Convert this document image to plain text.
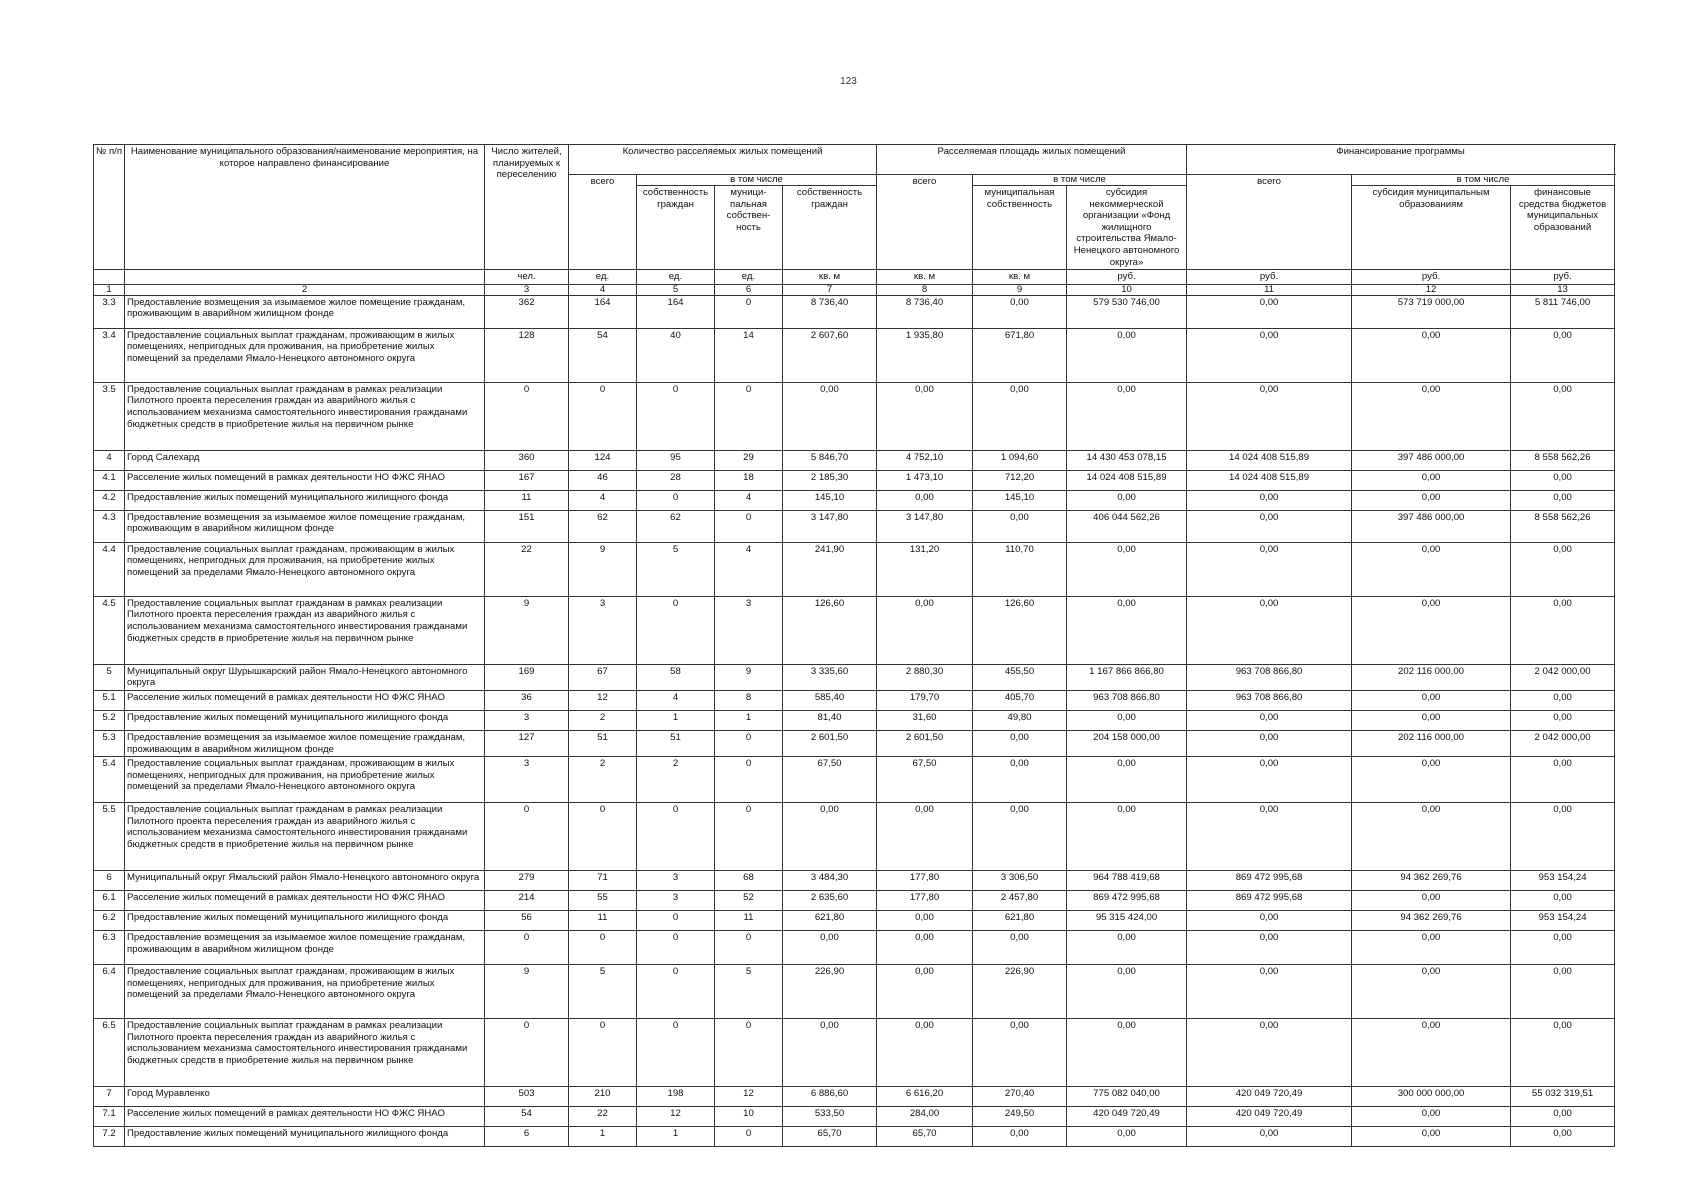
123
№ п/п	Наименование муниципального образования/наименование мероприятия, на которое направлено финансирование	Число жителей, планируемых к переселению	Количество расселяемых жилых помещений				Расселяемая площадь жилых помещений			Финансирование программы		
			всего	в том числе			всего	в том числе		всего	в том числе	
				собственность граждан	муници-пальная собствен-ность	собственность граждан		муниципальная собственность	субсидия некоммерческой организации «Фонд жилищного строительства Ямало-Ненецкого автономного округа»		субсидия муниципальным образованиям	финансовые средства бюджетов муниципальных образований
		чел.	ед.	ед.	ед.	кв. м	кв. м	кв. м	руб.	руб.	руб.	руб.
1	2	3	4	5	6	7	8	9	10	11	12	13
3.3	Предоставление возмещения за изымаемое жилое помещение гражданам, проживающим в аварийном жилищном фонде	362	164	164	0	8 736,40	8 736,40	0,00	579 530 746,00	0,00	573 719 000,00	5 811 746,00
3.4	Предоставление социальных выплат гражданам, проживающим в жилых помещениях, непригодных для проживания, на приобретение жилых помещений за пределами Ямало-Ненецкого автономного округа	128	54	40	14	2 607,60	1 935,80	671,80	0,00	0,00	0,00	0,00
3.5	Предоставление социальных выплат гражданам в рамках реализации Пилотного проекта переселения граждан из аварийного жилья с использованием механизма самостоятельного инвестирования гражданами бюджетных средств в приобретение жилья на первичном рынке	0	0	0	0	0,00	0,00	0,00	0,00	0,00	0,00	0,00
4	Город Салехард	360	124	95	29	5 846,70	4 752,10	1 094,60	14 430 453 078,15	14 024 408 515,89	397 486 000,00	8 558 562,26
4.1	Расселение жилых помещений в рамках деятельности НО ФЖС ЯНАО	167	46	28	18	2 185,30	1 473,10	712,20	14 024 408 515,89	14 024 408 515,89	0,00	0,00
4.2	Предоставление жилых помещений муниципального жилищного фонда	11	4	0	4	145,10	0,00	145,10	0,00	0,00	0,00	0,00
4.3	Предоставление возмещения за изымаемое жилое помещение гражданам, проживающим в аварийном жилищном фонде	151	62	62	0	3 147,80	3 147,80	0,00	406 044 562,26	0,00	397 486 000,00	8 558 562,26
4.4	Предоставление социальных выплат гражданам, проживающим в жилых помещениях, непригодных для проживания, на приобретение жилых помещений за пределами Ямало-Ненецкого автономного округа	22	9	5	4	241,90	131,20	110,70	0,00	0,00	0,00	0,00
4.5	Предоставление социальных выплат гражданам в рамках реализации Пилотного проекта переселения граждан из аварийного жилья с использованием механизма самостоятельного инвестирования гражданами бюджетных средств в приобретение жилья на первичном рынке	9	3	0	3	126,60	0,00	126,60	0,00	0,00	0,00	0,00
5	Муниципальный округ Шурышкарский район Ямало-Ненецкого автономного округа	169	67	58	9	3 335,60	2 880,30	455,50	1 167 866 866,80	963 708 866,80	202 116 000,00	2 042 000,00
5.1	Расселение жилых помещений в рамках деятельности НО ФЖС ЯНАО	36	12	4	8	585,40	179,70	405,70	963 708 866,80	963 708 866,80	0,00	0,00
5.2	Предоставление жилых помещений муниципального жилищного фонда	3	2	1	1	81,40	31,60	49,80	0,00	0,00	0,00	0,00
5.3	Предоставление возмещения за изымаемое жилое помещение гражданам, проживающим в аварийном жилищном фонде	127	51	51	0	2 601,50	2 601,50	0,00	204 158 000,00	0,00	202 116 000,00	2 042 000,00
5.4	Предоставление социальных выплат гражданам, проживающим в жилых помещениях, непригодных для проживания, на приобретение жилых помещений за пределами Ямало-Ненецкого автономного округа	3	2	2	0	67,50	67,50	0,00	0,00	0,00	0,00	0,00
5.5	Предоставление социальных выплат гражданам в рамках реализации Пилотного проекта переселения граждан из аварийного жилья с использованием механизма самостоятельного инвестирования гражданами бюджетных средств в приобретение жилья на первичном рынке	0	0	0	0	0,00	0,00	0,00	0,00	0,00	0,00	0,00
6	Муниципальный округ Ямальский район Ямало-Ненецкого автономного округа	279	71	3	68	3 484,30	177,80	3 306,50	964 788 419,68	869 472 995,68	94 362 269,76	953 154,24
6.1	Расселение жилых помещений в рамках деятельности НО ФЖС ЯНАО	214	55	3	52	2 635,60	177,80	2 457,80	869 472 995,68	869 472 995,68	0,00	0,00
6.2	Предоставление жилых помещений муниципального жилищного фонда	56	11	0	11	621,80	0,00	621,80	95 315 424,00	0,00	94 362 269,76	953 154,24
6.3	Предоставление возмещения за изымаемое жилое помещение гражданам, проживающим в аварийном жилищном фонде	0	0	0	0	0,00	0,00	0,00	0,00	0,00	0,00	0,00
6.4	Предоставление социальных выплат гражданам, проживающим в жилых помещениях, непригодных для проживания, на приобретение жилых помещений за пределами Ямало-Ненецкого автономного округа	9	5	0	5	226,90	0,00	226,90	0,00	0,00	0,00	0,00
6.5	Предоставление социальных выплат гражданам в рамках реализации Пилотного проекта переселения граждан из аварийного жилья с использованием механизма самостоятельного инвестирования гражданами бюджетных средств в приобретение жилья на первичном рынке	0	0	0	0	0,00	0,00	0,00	0,00	0,00	0,00	0,00
7	Город Муравленко	503	210	198	12	6 886,60	6 616,20	270,40	775 082 040,00	420 049 720,49	300 000 000,00	55 032 319,51
7.1	Расселение жилых помещений в рамках деятельности НО ФЖС ЯНАО	54	22	12	10	533,50	284,00	249,50	420 049 720,49	420 049 720,49	0,00	0,00
7.2	Предоставление жилых помещений муниципального жилищного фонда	6	1	1	0	65,70	65,70	0,00	0,00	0,00	0,00	0,00
